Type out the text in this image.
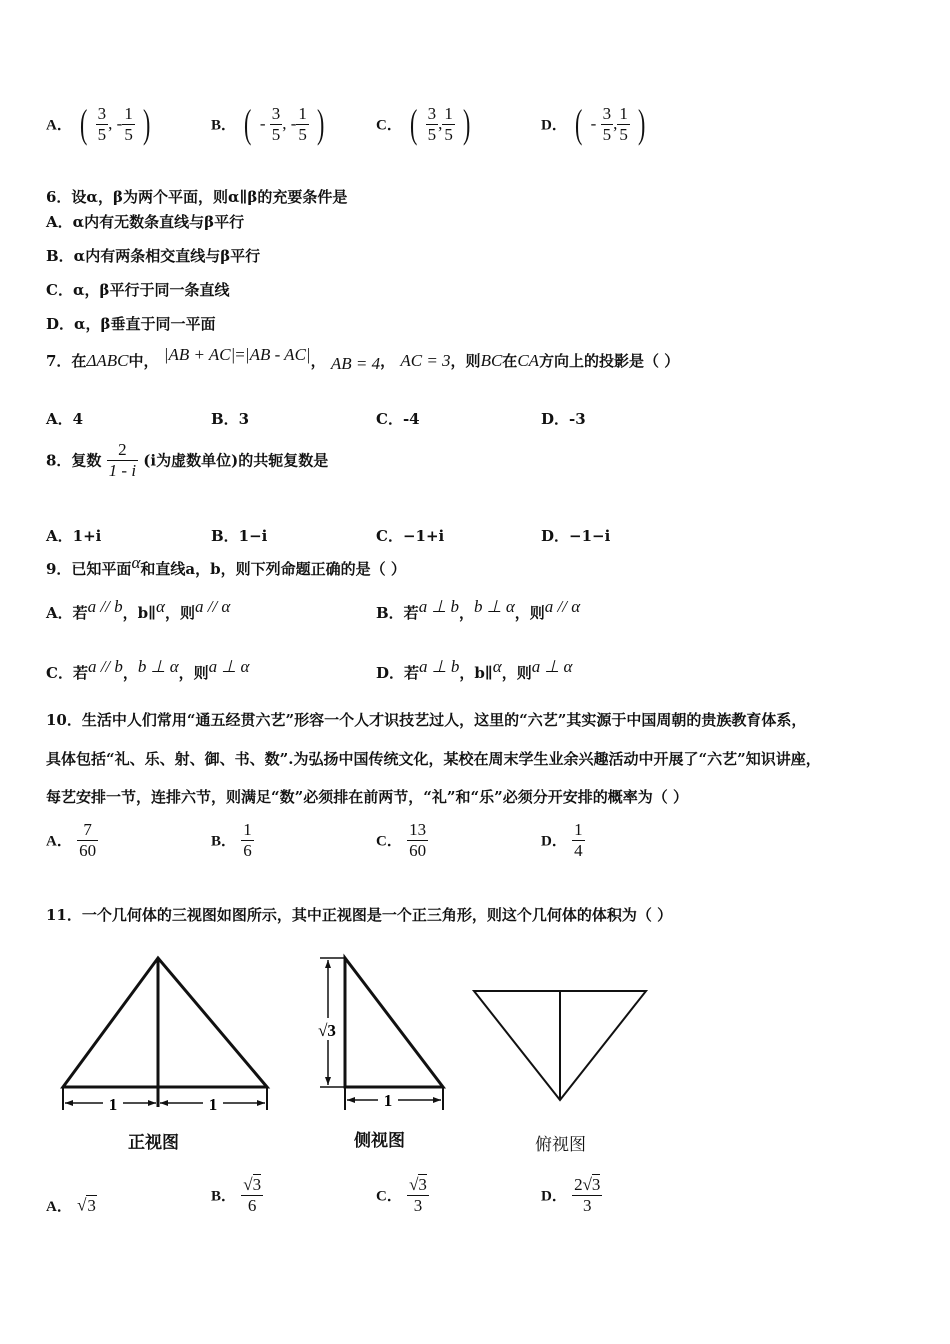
A． ( $\frac{3}{5}$ , - $\frac{1}{5}$ )	B． ( - $\frac{3}{5}$ , - $\frac{1}{5}$ )	C． ( $\frac{3}{5}$ , $\frac{1}{5}$ )	D． ( - $\frac{3}{5}$ , $\frac{1}{5}$ )
6．设α，β为两个平面，则α∥β的充要条件是
A．α内有无数条直线与β平行
B．α内有两条相交直线与β平行
C．α，β平行于同一条直线
D．α，β垂直于同一平面
7．在ΔABC中， |AB + AC|=|AB - AC|， AB = 4， AC = 3，则BC在CA方向上的投影是（ ）
A．4	B．3	C．-4	D．-3
8．复数 $\frac{2}{1 - i} (i$为虚数单位)的共轭复数是
A．1+i	B．1−i	C．−1+i	D．−1−i
9．已知平面α和直线a，b，则下列命题正确的是（ ）
A．若a // b，b∥α，则a // α	B．若a ⊥ b，b ⊥ α，则a // α
C．若a // b，b ⊥ α，则a ⊥ α	D．若a ⊥ b，b∥α，则a ⊥ α
10．生活中人们常用“通五经贯六艺”形容一个人才识技艺过人，这里的“六艺”其实源于中国周朝的贵族教育体系，
具体包括“礼、乐、射、御、书、数”.为弘扬中国传统文化，某校在周末学生业余兴趣活动中开展了“六艺”知识讲座，
每艺安排一节，连排六节，则满足“数”必须排在前两节，“礼”和“乐”必须分开安排的概率为（ ）
A． $\frac{7}{60}$	B． $\frac{1}{6}$	C． $\frac{13}{60}$	D． $\frac{1}{4}$
11．一个几何体的三视图如图所示，其中正视图是一个正三角形，则这个几何体的体积为（ ）
1	1
正视图
√3
1
侧视图	俯视图
A． √3	B． $\frac{√3}{6}$	C． $\frac{√3}{3}$	D． $\frac{2√3}{3}$
